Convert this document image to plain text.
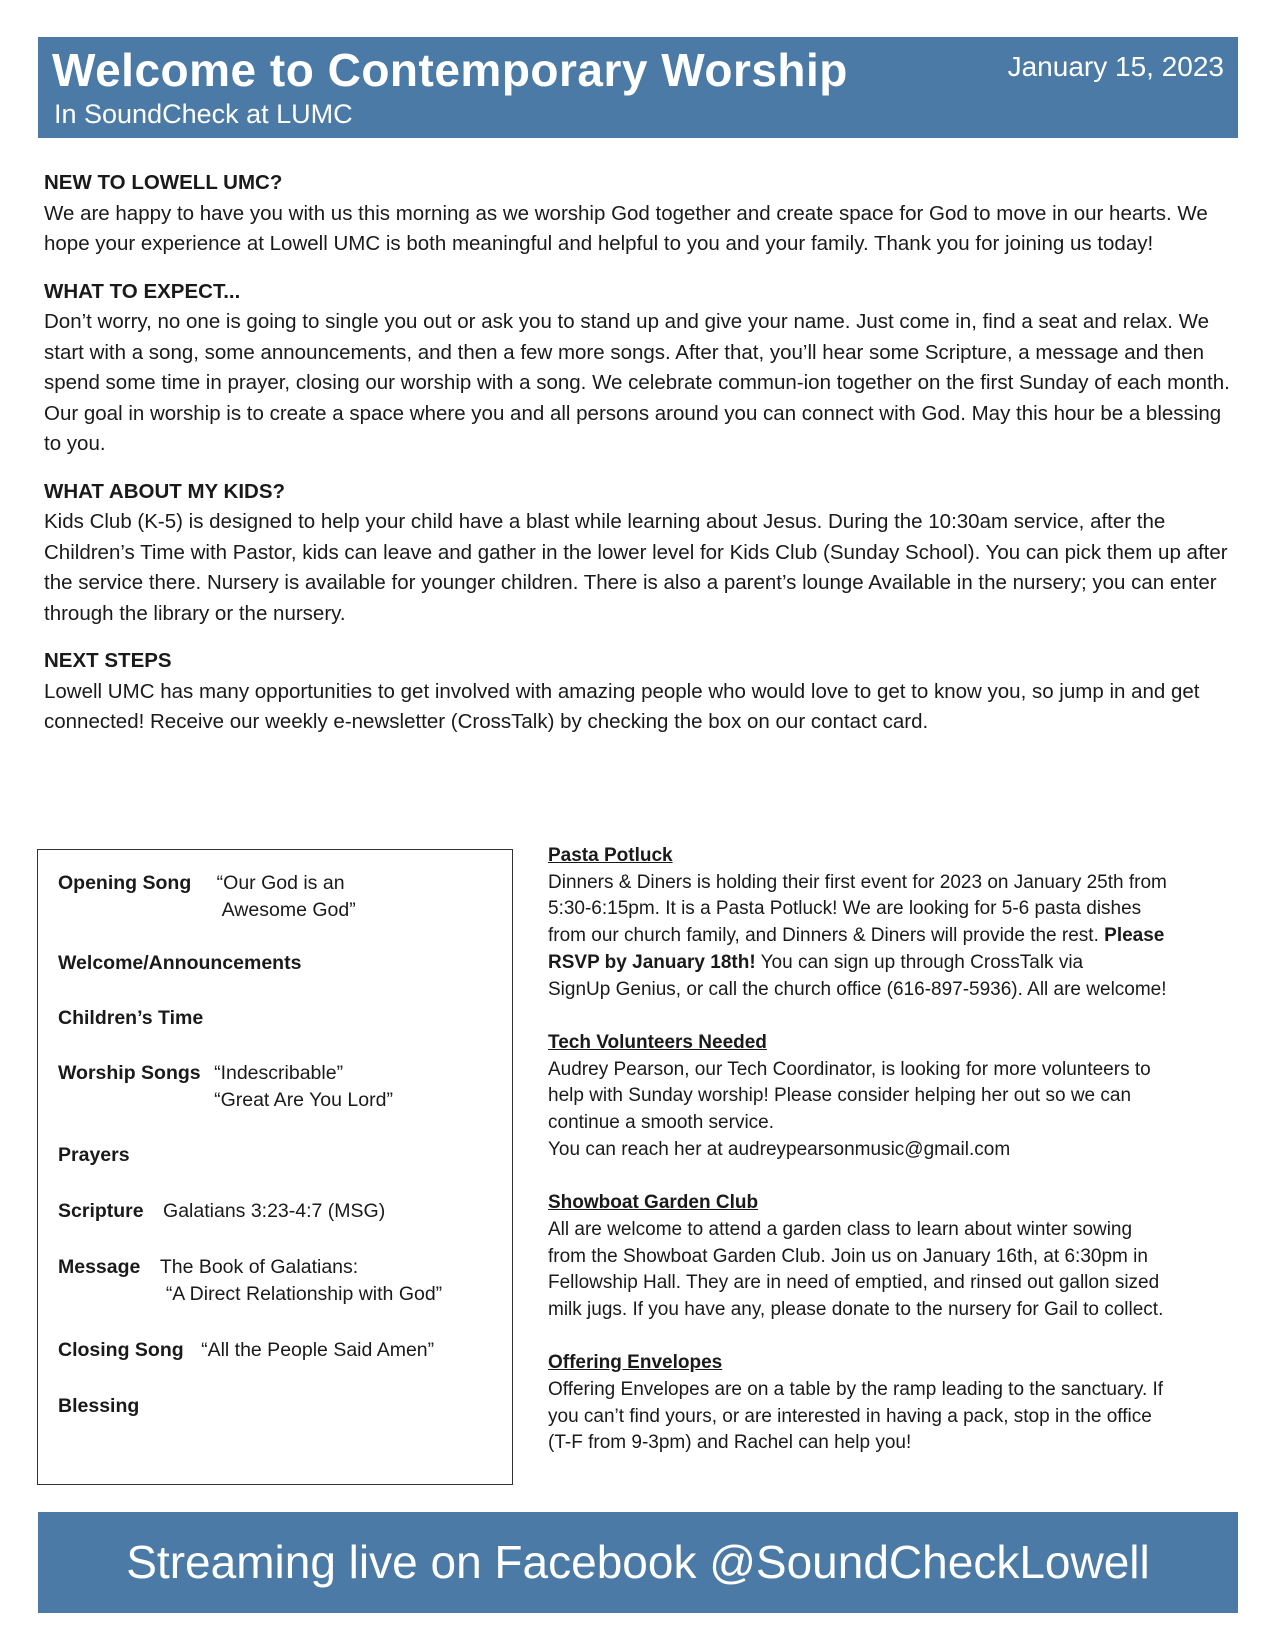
Welcome to Contemporary Worship
In SoundCheck at LUMC
January 15, 2023
NEW TO LOWELL UMC?
We are happy to have you with us this morning as we worship God together and create space for God to move in our hearts. We hope your experience at Lowell UMC is both meaningful and helpful to you and your family. Thank you for joining us today!
WHAT TO EXPECT...
Don’t worry, no one is going to single you out or ask you to stand up and give your name. Just come in, find a seat and relax. We start with a song, some announcements, and then a few more songs. After that, you’ll hear some Scripture, a message and then spend some time in prayer, closing our worship with a song. We celebrate commun-ion together on the first Sunday of each month. Our goal in worship is to create a space where you and all persons around you can connect with God. May this hour be a blessing to you.
WHAT ABOUT MY KIDS?
Kids Club (K-5) is designed to help your child have a blast while learning about Jesus. During the 10:30am service, after the Children’s Time with Pastor, kids can leave and gather in the lower level for Kids Club (Sunday School). You can pick them up after the service there. Nursery is available for younger children. There is also a parent’s lounge Available in the nursery; you can enter through the library or the nursery.
NEXT STEPS
Lowell UMC has many opportunities to get involved with amazing people who would love to get to know you, so jump in and get connected! Receive our weekly e-newsletter (CrossTalk) by checking the box on our contact card.
Opening Song “Our God is an
Awesome God”
Welcome/Announcements
Children’s Time
Worship Songs “Indescribable”
“Great Are You Lord”
Prayers
Scripture Galatians 3:23-4:7 (MSG)
Message The Book of Galatians:
“A Direct Relationship with God”
Closing Song “All the People Said Amen”
Blessing
Pasta Potluck
Dinners & Diners is holding their first event for 2023 on January 25th from
5:30-6:15pm. It is a Pasta Potluck! We are looking for 5-6 pasta dishes
from our church family, and Dinners & Diners will provide the rest. Please
RSVP by January 18th! You can sign up through CrossTalk via
SignUp Genius, or call the church office (616-897-5936). All are welcome!
Tech Volunteers Needed
Audrey Pearson, our Tech Coordinator, is looking for more volunteers to
help with Sunday worship! Please consider helping her out so we can
continue a smooth service.
You can reach her at audreypearsonmusic@gmail.com
Showboat Garden Club
All are welcome to attend a garden class to learn about winter sowing
from the Showboat Garden Club. Join us on January 16th, at 6:30pm in
Fellowship Hall. They are in need of emptied, and rinsed out gallon sized
milk jugs. If you have any, please donate to the nursery for Gail to collect.
Offering Envelopes
Offering Envelopes are on a table by the ramp leading to the sanctuary. If
you can’t find yours, or are interested in having a pack, stop in the office
(T-F from 9-3pm) and Rachel can help you!
Streaming live on Facebook @SoundCheckLowell
